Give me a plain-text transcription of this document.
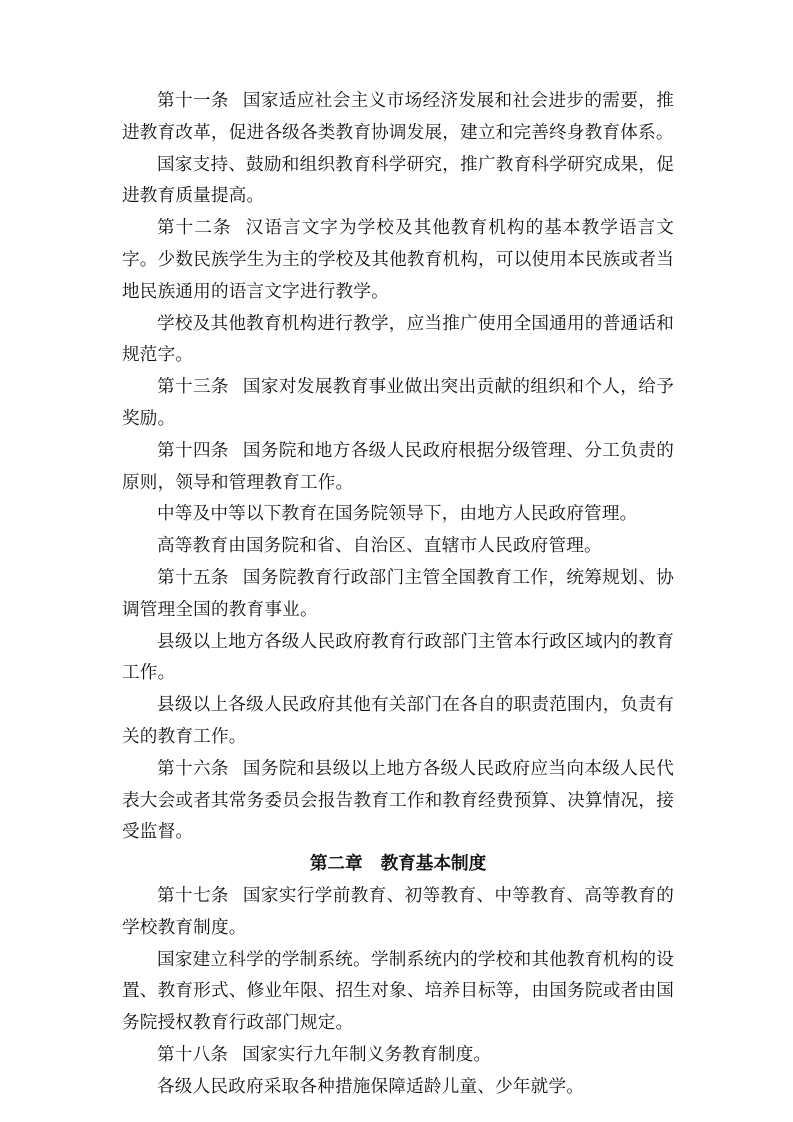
第十一条 国家适应社会主义市场经济发展和社会进步的需要，推进教育改革，促进各级各类教育协调发展，建立和完善终身教育体系。

国家支持、鼓励和组织教育科学研究，推广教育科学研究成果，促进教育质量提高。

第十二条 汉语言文字为学校及其他教育机构的基本教学语言文字。少数民族学生为主的学校及其他教育机构，可以使用本民族或者当地民族通用的语言文字进行教学。

学校及其他教育机构进行教学，应当推广使用全国通用的普通话和规范字。

第十三条 国家对发展教育事业做出突出贡献的组织和个人，给予奖励。

第十四条 国务院和地方各级人民政府根据分级管理、分工负责的原则，领导和管理教育工作。

中等及中等以下教育在国务院领导下，由地方人民政府管理。

高等教育由国务院和省、自治区、直辖市人民政府管理。

第十五条 国务院教育行政部门主管全国教育工作，统筹规划、协调管理全国的教育事业。

县级以上地方各级人民政府教育行政部门主管本行政区域内的教育工作。

县级以上各级人民政府其他有关部门在各自的职责范围内，负责有关的教育工作。

第十六条 国务院和县级以上地方各级人民政府应当向本级人民代表大会或者其常务委员会报告教育工作和教育经费预算、决算情况，接受监督。

第二章 教育基本制度

第十七条 国家实行学前教育、初等教育、中等教育、高等教育的学校教育制度。

国家建立科学的学制系统。学制系统内的学校和其他教育机构的设置、教育形式、修业年限、招生对象、培养目标等，由国务院或者由国务院授权教育行政部门规定。

第十八条 国家实行九年制义务教育制度。

各级人民政府采取各种措施保障适龄儿童、少年就学。
